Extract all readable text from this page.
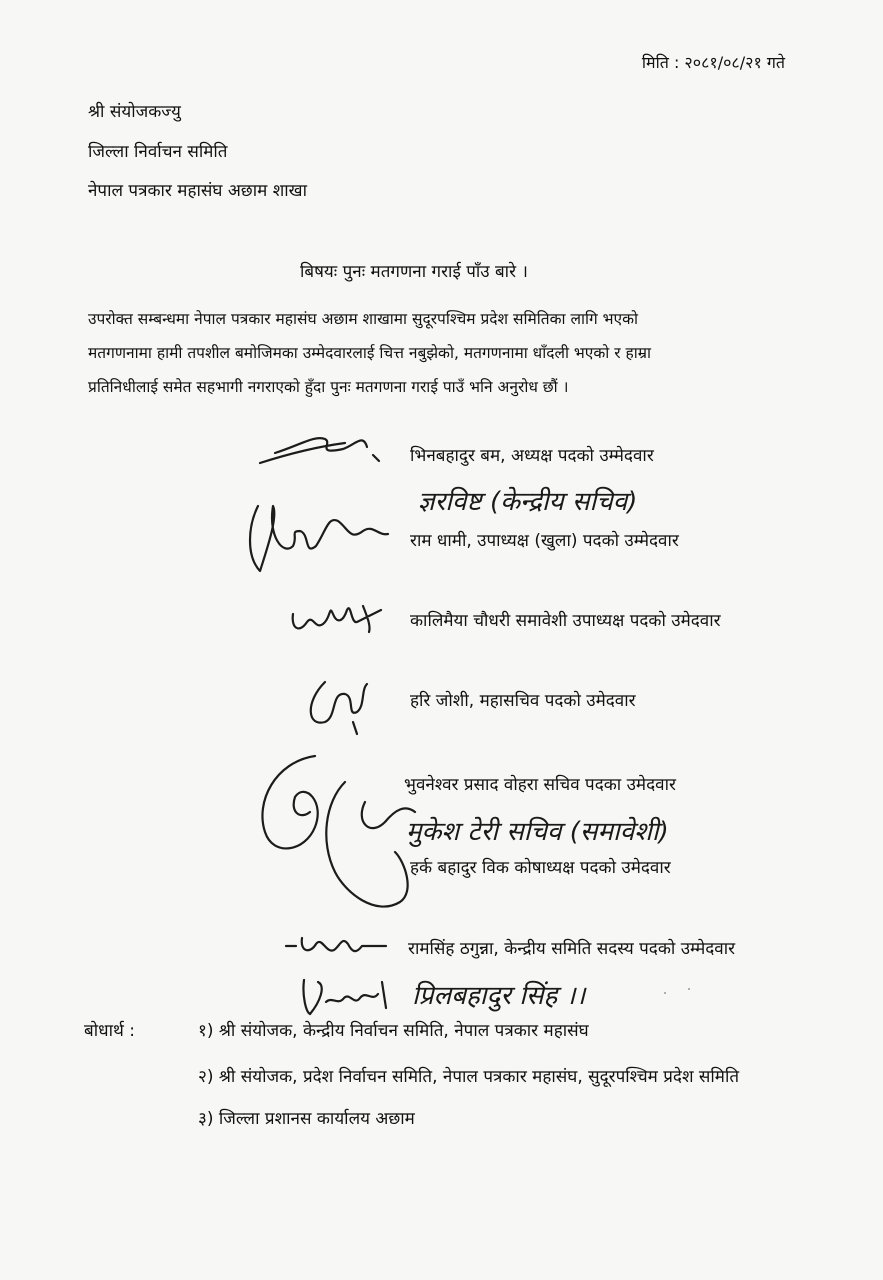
मिति : २०८१/०८/२१ गते
श्री संयोजकज्यु
जिल्ला निर्वाचन समिति
नेपाल पत्रकार महासंघ अछाम शाखा
बिषयः पुनः मतगणना गराई पाँउ बारे ।
उपरोक्त सम्बन्धमा नेपाल पत्रकार महासंघ अछाम शाखामा सुदूरपश्चिम प्रदेश समितिका लागि भएको
मतगणनामा हामी तपशील बमोजिमका उम्मेदवारलाई चित्त नबुझेको, मतगणनामा धाँदली भएको र हाम्रा
प्रतिनिधीलाई समेत सहभागी नगराएको हुँदा पुनः मतगणना गराई पाउँ भनि अनुरोध छौं ।
भिनबहादुर बम, अध्यक्ष पदको उम्मेदवार
ज्ञरविष्ट (केन्द्रीय सचिव)
राम धामी, उपाध्यक्ष (खुला) पदको उम्मेदवार
कालिमैया चौधरी समावेशी उपाध्यक्ष पदको उमेदवार
हरि जोशी, महासचिव पदको उमेदवार
भुवनेश्वर प्रसाद वोहरा सचिव पदका उमेदवार
मुकेश टेरी सचिव (समावेशी)
हर्क बहादुर विक कोषाध्यक्ष पदको उमेदवार
रामसिंह ठगुन्ना, केन्द्रीय समिति सदस्य पदको उम्मेदवार
प्रिलबहादुर सिंह ।।
बोधार्थ :	१) श्री संयोजक, केन्द्रीय निर्वाचन समिति, नेपाल पत्रकार महासंघ
२) श्री संयोजक, प्रदेश निर्वाचन समिति, नेपाल पत्रकार महासंघ, सुदूरपश्चिम प्रदेश समिति
३) जिल्ला प्रशानस कार्यालय अछाम
